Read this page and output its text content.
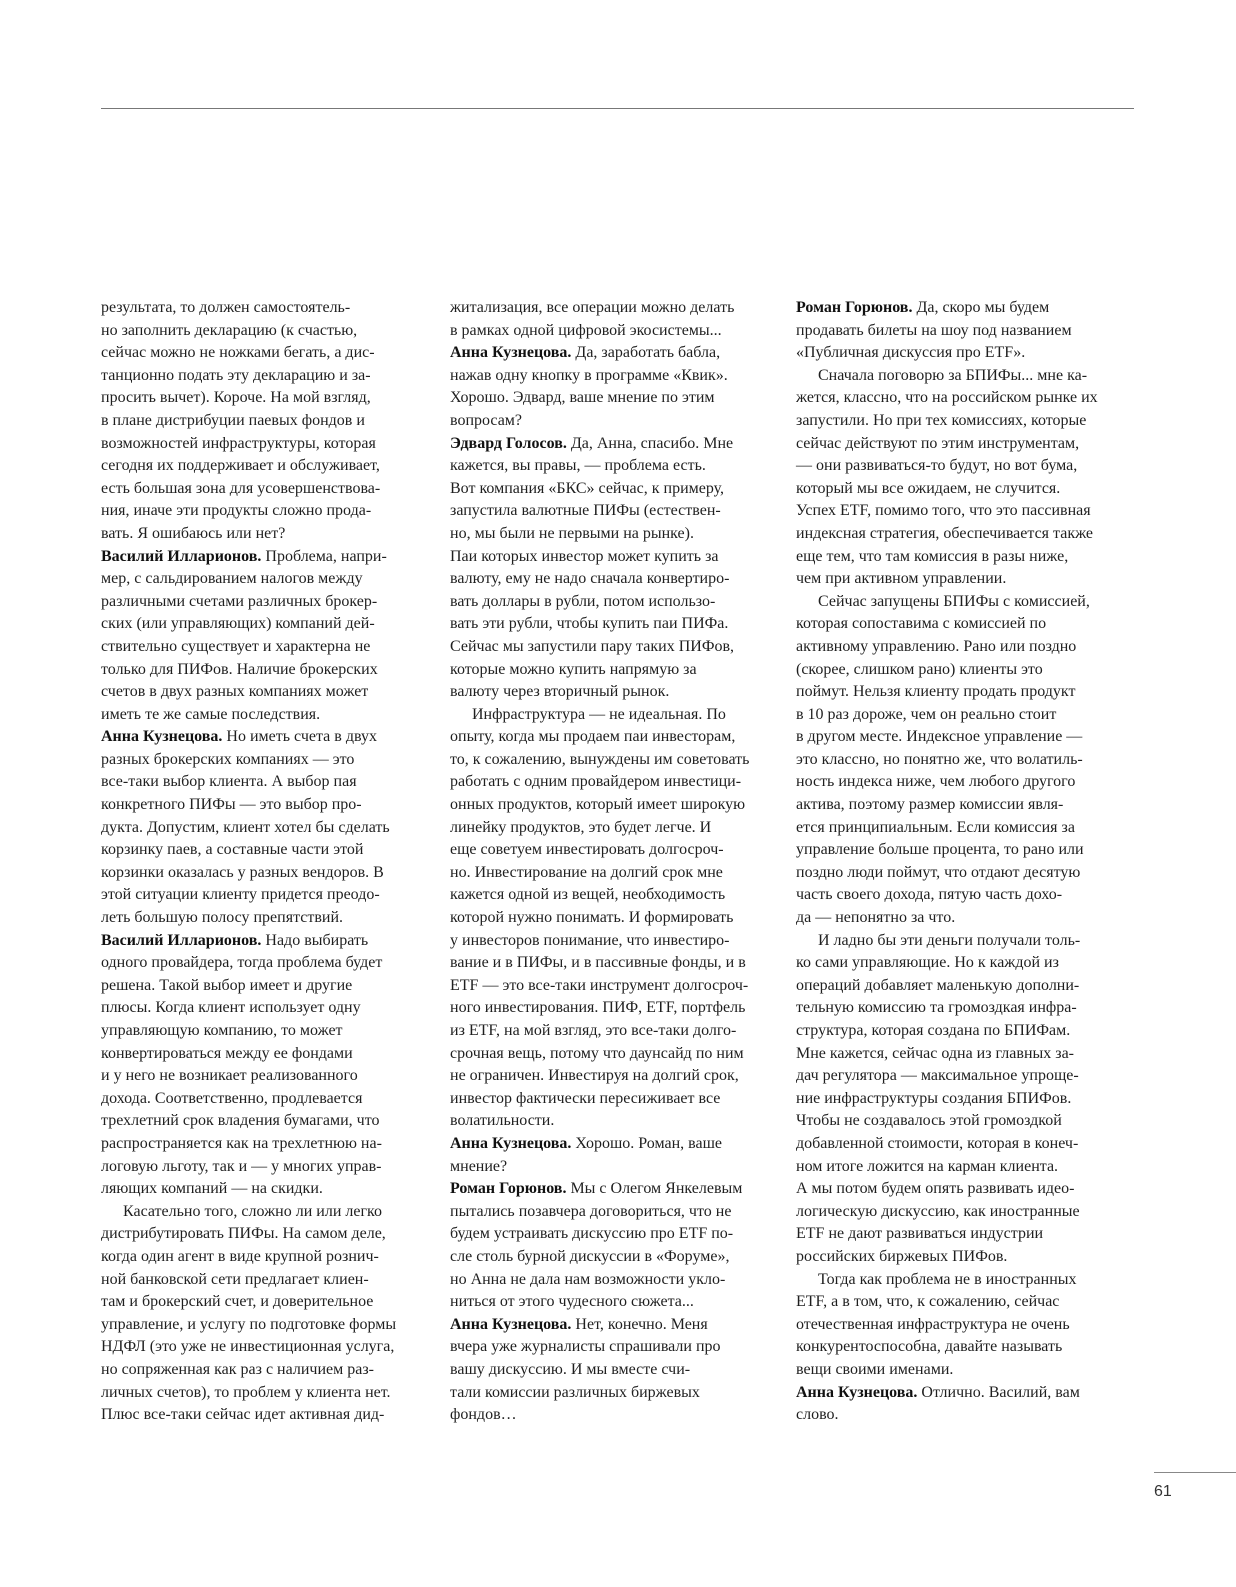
результата, то должен самостоятель-
но заполнить декларацию (к счастью,
сейчас можно не ножками бегать, а дис-
танционно подать эту декларацию и за-
просить вычет). Короче. На мой взгляд,
в плане дистрибуции паевых фондов и
возможностей инфраструктуры, которая
сегодня их поддерживает и обслуживает,
есть большая зона для усовершенствова-
ния, иначе эти продукты сложно прода-
вать. Я ошибаюсь или нет?

Василий Илларионов. Проблема, напри-
мер, с сальдированием налогов между
различными счетами различных брокер-
ских (или управляющих) компаний дей-
ствительно существует и характерна не
только для ПИФов. Наличие брокерских
счетов в двух разных компаниях может
иметь те же самые последствия.

Анна Кузнецова. Но иметь счета в двух
разных брокерских компаниях — это
все-таки выбор клиента. А выбор пая
конкретного ПИФы — это выбор про-
дукта. Допустим, клиент хотел бы сделать
корзинку паев, а составные части этой
корзинки оказалась у разных вендоров. В
этой ситуации клиенту придется преодо-
леть большую полосу препятствий.

Василий Илларионов. Надо выбирать
одного провайдера, тогда проблема будет
решена. Такой выбор имеет и другие
плюсы. Когда клиент использует одну
управляющую компанию, то может
конвертироваться между ее фондами
и у него не возникает реализованного
дохода. Соответственно, продлевается
трехлетний срок владения бумагами, что
распространяется как на трехлетнюю на-
логовую льготу, так и — у многих управ-
ляющих компаний — на скидки.

Касательно того, сложно ли или легко
дистрибутировать ПИФы. На самом деле,
когда один агент в виде крупной рознич-
ной банковской сети предлагает клиен-
там и брокерский счет, и доверительное
управление, и услугу по подготовке формы
НДФЛ (это уже не инвестиционная услуга,
но сопряженная как раз с наличием раз-
личных счетов), то проблем у клиента нет.
Плюс все-таки сейчас идет активная дид-

житализация, все операции можно делать
в рамках одной цифровой экосистемы...

Анна Кузнецова. Да, заработать бабла,
нажав одну кнопку в программе «Квик».
Хорошо. Эдвард, ваше мнение по этим
вопросам?

Эдвард Голосов. Да, Анна, спасибо. Мне
кажется, вы правы, — проблема есть.
Вот компания «БКС» сейчас, к примеру,
запустила валютные ПИФы (естествен-
но, мы были не первыми на рынке).
Паи которых инвестор может купить за
валюту, ему не надо сначала конвертиро-
вать доллары в рубли, потом использо-
вать эти рубли, чтобы купить паи ПИФа.
Сейчас мы запустили пару таких ПИФов,
которые можно купить напрямую за
валюту через вторичный рынок.

Инфраструктура — не идеальная. По
опыту, когда мы продаем паи инвесторам,
то, к сожалению, вынуждены им советовать
работать с одним провайдером инвестици-
онных продуктов, который имеет широкую
линейку продуктов, это будет легче. И
еще советуем инвестировать долгосроч-
но. Инвестирование на долгий срок мне
кажется одной из вещей, необходимость
которой нужно понимать. И формировать
у инвесторов понимание, что инвестиро-
вание и в ПИФы, и в пассивные фонды, и в
ETF — это все-таки инструмент долгосроч-
ного инвестирования. ПИФ, ETF, портфель
из ETF, на мой взгляд, это все-таки долго-
срочная вещь, потому что даунсайд по ним
не ограничен. Инвестируя на долгий срок,
инвестор фактически пересиживает все
волатильности.

Анна Кузнецова. Хорошо. Роман, ваше
мнение?

Роман Горюнов. Мы с Олегом Янкелевым
пытались позавчера договориться, что не
будем устраивать дискуссию про ETF по-
сле столь бурной дискуссии в «Форуме»,
но Анна не дала нам возможности укло-
ниться от этого чудесного сюжета...

Анна Кузнецова. Нет, конечно. Меня
вчера уже журналисты спрашивали про
вашу дискуссию. И мы вместе счи-
тали комиссии различных биржевых
фондов…

Роман Горюнов. Да, скоро мы будем
продавать билеты на шоу под названием
«Публичная дискуссия про ETF».

Сначала поговорю за БПИФы... мне ка-
жется, классно, что на российском рынке их
запустили. Но при тех комиссиях, которые
сейчас действуют по этим инструментам,
— они развиваться-то будут, но вот бума,
который мы все ожидаем, не случится.
Успех ETF, помимо того, что это пассивная
индексная стратегия, обеспечивается также
еще тем, что там комиссия в разы ниже,
чем при активном управлении.

Сейчас запущены БПИФы с комиссией,
которая сопоставима с комиссией по
активному управлению. Рано или поздно
(скорее, слишком рано) клиенты это
поймут. Нельзя клиенту продать продукт
в 10 раз дороже, чем он реально стоит
в другом месте. Индексное управление —
это классно, но понятно же, что волатиль-
ность индекса ниже, чем любого другого
актива, поэтому размер комиссии явля-
ется принципиальным. Если комиссия за
управление больше процента, то рано или
поздно люди поймут, что отдают десятую
часть своего дохода, пятую часть дохо-
да — непонятно за что.

И ладно бы эти деньги получали толь-
ко сами управляющие. Но к каждой из
операций добавляет маленькую дополни-
тельную комиссию та громоздкая инфра-
структура, которая создана по БПИФам.
Мне кажется, сейчас одна из главных за-
дач регулятора — максимальное упроще-
ние инфраструктуры создания БПИФов.
Чтобы не создавалось этой громоздкой
добавленной стоимости, которая в конеч-
ном итоге ложится на карман клиента.
А мы потом будем опять развивать идео-
логическую дискуссию, как иностранные
ETF не дают развиваться индустрии
российских биржевых ПИФов.

Тогда как проблема не в иностранных
ETF, а в том, что, к сожалению, сейчас
отечественная инфраструктура не очень
конкурентоспособна, давайте называть
вещи своими именами.

Анна Кузнецова. Отлично. Василий, вам
слово.

61
